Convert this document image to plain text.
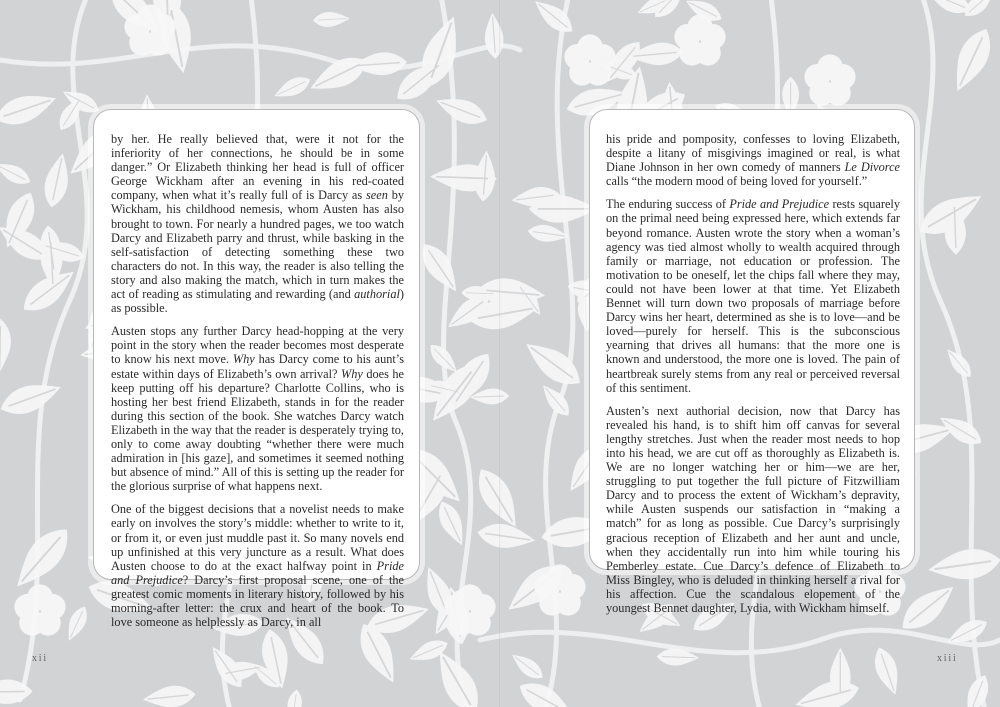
by her. He really believed that, were it not for the inferiority of her connections, he should be in some danger.” Or Elizabeth thinking her head is full of officer George Wickham after an evening in his red-coated company, when what it’s really full of is Darcy as seen by Wickham, his childhood nemesis, whom Austen has also brought to town. For nearly a hundred pages, we too watch Darcy and Elizabeth parry and thrust, while basking in the self-satisfaction of detecting something these two characters do not. In this way, the reader is also telling the story and also making the match, which in turn makes the act of reading as stimulating and rewarding (and authorial) as possible.

Austen stops any further Darcy head-hopping at the very point in the story when the reader becomes most desperate to know his next move. Why has Darcy come to his aunt’s estate within days of Elizabeth’s own arrival? Why does he keep putting off his departure? Charlotte Collins, who is hosting her best friend Elizabeth, stands in for the reader during this section of the book. She watches Darcy watch Elizabeth in the way that the reader is desperately trying to, only to come away doubting “whether there were much admiration in [his gaze], and sometimes it seemed nothing but absence of mind.” All of this is setting up the reader for the glorious surprise of what happens next.

One of the biggest decisions that a novelist needs to make early on involves the story’s middle: whether to write to it, or from it, or even just muddle past it. So many novels end up unfinished at this very juncture as a result. What does Austen choose to do at the exact halfway point in Pride and Prejudice? Darcy’s first proposal scene, one of the greatest comic moments in literary history, followed by his morning-after letter: the crux and heart of the book. To love someone as helplessly as Darcy, in all

his pride and pomposity, confesses to loving Elizabeth, despite a litany of misgivings imagined or real, is what Diane Johnson in her own comedy of manners Le Divorce calls “the modern mood of being loved for yourself.”

The enduring success of Pride and Prejudice rests squarely on the primal need being expressed here, which extends far beyond romance. Austen wrote the story when a woman’s agency was tied almost wholly to wealth acquired through family or marriage, not education or profession. The motivation to be oneself, let the chips fall where they may, could not have been lower at that time. Yet Elizabeth Bennet will turn down two proposals of marriage before Darcy wins her heart, determined as she is to love—and be loved—purely for herself. This is the subconscious yearning that drives all humans: that the more one is known and understood, the more one is loved. The pain of heartbreak surely stems from any real or perceived reversal of this sentiment.

Austen’s next authorial decision, now that Darcy has revealed his hand, is to shift him off canvas for several lengthy stretches. Just when the reader most needs to hop into his head, we are cut off as thoroughly as Elizabeth is. We are no longer watching her or him—we are her, struggling to put together the full picture of Fitzwilliam Darcy and to process the extent of Wickham’s depravity, while Austen suspends our satisfaction in “making a match” for as long as possible. Cue Darcy’s surprisingly gracious reception of Elizabeth and her aunt and uncle, when they accidentally run into him while touring his Pemberley estate. Cue Darcy’s defence of Elizabeth to Miss Bingley, who is deluded in thinking herself a rival for his affection. Cue the scandalous elopement of the youngest Bennet daughter, Lydia, with Wickham himself.

xii	xiii
